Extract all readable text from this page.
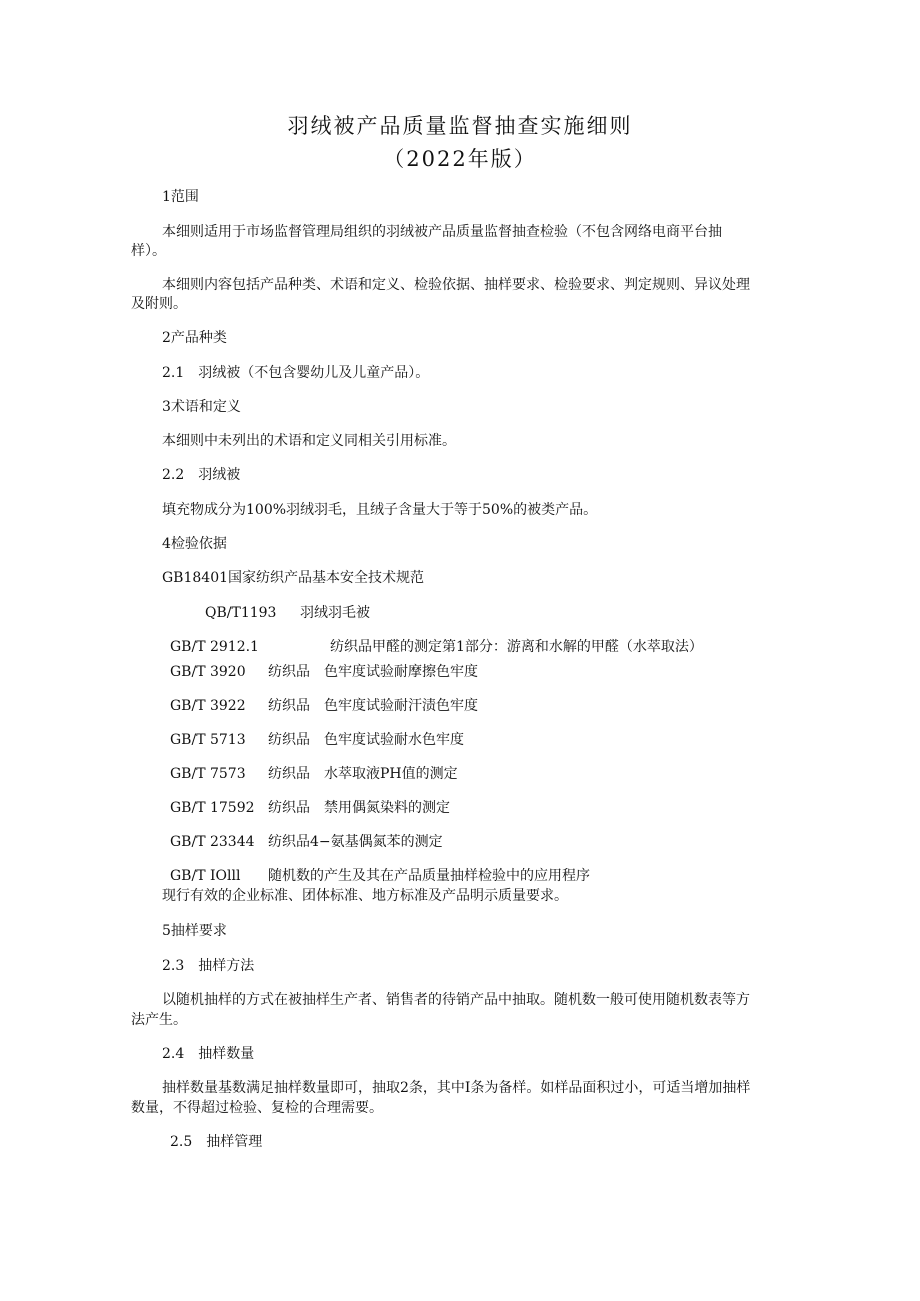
羽绒被产品质量监督抽查实施细则
（2022年版）
1范围
本细则适用于市场监督管理局组织的羽绒被产品质量监督抽查检验（不包含网络电商平台抽
样）。
本细则内容包括产品种类、术语和定义、检验依据、抽样要求、检验要求、判定规则、异议处理
及附则。
2产品种类
2.1　羽绒被（不包含婴幼儿及儿童产品）。
3术语和定义
本细则中未列出的术语和定义同相关引用标准。
2.2　羽绒被
填充物成分为100%羽绒羽毛，且绒子含量大于等于50%的被类产品。
4检验依据
GB18401国家纺织产品基本安全技术规范
QB/T1193 羽绒羽毛被
GB/T 2912.1	纺织品甲醛的测定第1部分：游离和水解的甲醛（水萃取法）
GB/T 3920 纺织品　色牢度试验耐摩擦色牢度
GB/T 3922 纺织品　色牢度试验耐汗渍色牢度
GB/T 5713 纺织品　色牢度试验耐水色牢度
GB/T 7573 纺织品　水萃取液PH值的测定
GB/T 17592 纺织品　禁用偶氮染料的测定
GB/T 23344 纺织品4−氨基偶氮苯的测定
GB/T IOlll 随机数的产生及其在产品质量抽样检验中的应用程序
现行有效的企业标准、团体标准、地方标准及产品明示质量要求。
5抽样要求
2.3　抽样方法
以随机抽样的方式在被抽样生产者、销售者的待销产品中抽取。随机数一般可使用随机数表等方
法产生。
2.4　抽样数量
抽样数量基数满足抽样数量即可，抽取2条，其中I条为备样。如样品面积过小，可适当增加抽样
数量，不得超过检验、复检的合理需要。
2.5　抽样管理
